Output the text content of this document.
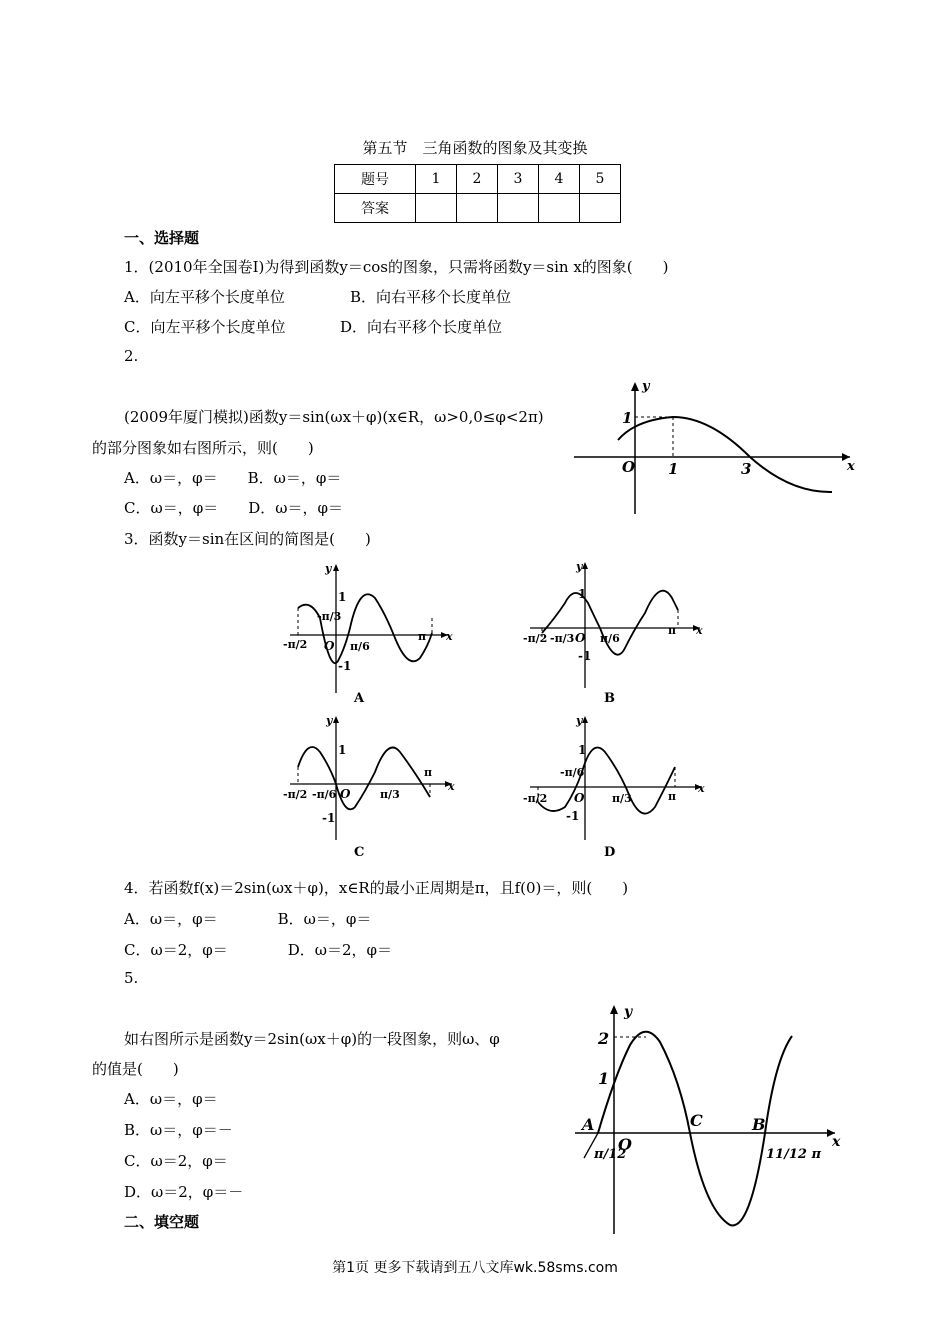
第五节　三角函数的图象及其变换
题号	1	2	3	4	5
答案					
一、选择题
1．(2010年全国卷Ⅰ)为得到函数y＝cos的图象，只需将函数y＝sin x的图象(　　)
A．向左平移个长度单位	B．向右平移个长度单位
C．向左平移个长度单位	D．向右平移个长度单位
2.
(2009年厦门模拟)函数y＝sin(ωx＋φ)(x∈R，ω>0,0≤φ<2π)
的部分图象如右图所示，则(　　)
A．ω＝，φ＝　　B．ω＝，φ＝
C．ω＝，φ＝　　D．ω＝，φ＝
y
x
O
1
1	3
3．函数y＝sin在区间的简图是(　　)
y
x
1
-1
-π/3
-π/2 O π/6
π
A
y
x
1
-1
-π/2 -π/3 O π/6
π
B
y
x
1
-1
-π/2 -π/6	π/3
π
O
C
y
x
1
-1
-π/6
-π/2	π/3	π
O
D
4．若函数f(x)＝2sin(ωx＋φ)，x∈R的最小正周期是π，且f(0)＝，则(　　)
A．ω＝，φ＝　　　　B．ω＝，φ＝
C．ω＝2，φ＝　　　　D．ω＝2，φ＝
5.
如右图所示是函数y＝2sin(ωx＋φ)的一段图象，则ω、φ
的值是(　　)
A．ω＝，φ＝
B．ω＝，φ＝－
C．ω＝2，φ＝
D．ω＝2，φ＝－
y
x
O
2
1
A	C	B
π/12	11/12 π
二、填空题
第1页 更多下载请到五八文库wk.58sms.com
